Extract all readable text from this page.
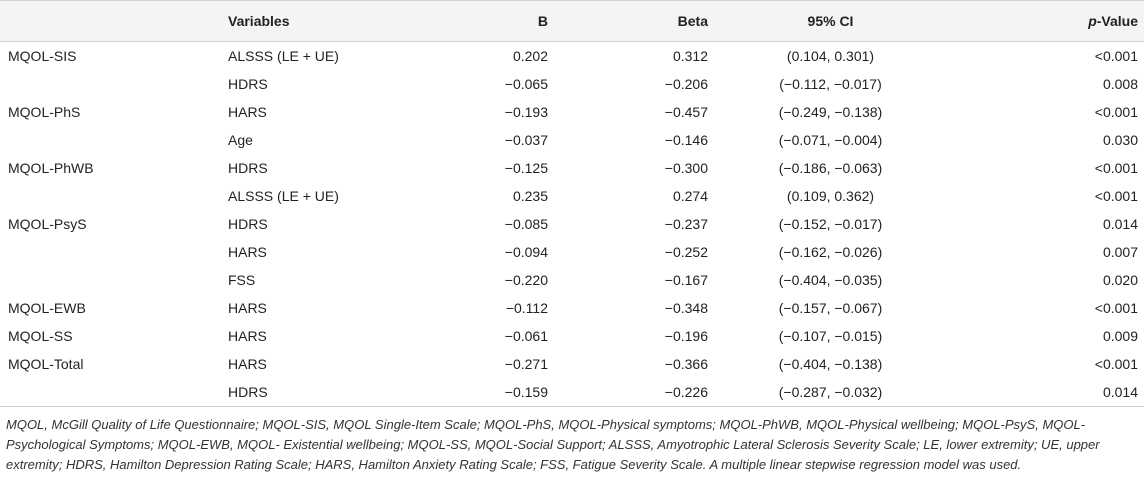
	Variables	B	Beta	95% CI	p-Value
MQOL-SIS	ALSSS (LE + UE)	0.202	0.312	(0.104, 0.301)	<0.001
	HDRS	−0.065	−0.206	(−0.112, −0.017)	0.008
MQOL-PhS	HARS	−0.193	−0.457	(−0.249, −0.138)	<0.001
	Age	−0.037	−0.146	(−0.071, −0.004)	0.030
MQOL-PhWB	HDRS	−0.125	−0.300	(−0.186, −0.063)	<0.001
	ALSSS (LE + UE)	0.235	0.274	(0.109, 0.362)	<0.001
MQOL-PsyS	HDRS	−0.085	−0.237	(−0.152, −0.017)	0.014
	HARS	−0.094	−0.252	(−0.162, −0.026)	0.007
	FSS	−0.220	−0.167	(−0.404, −0.035)	0.020
MQOL-EWB	HARS	−0.112	−0.348	(−0.157, −0.067)	<0.001
MQOL-SS	HARS	−0.061	−0.196	(−0.107, −0.015)	0.009
MQOL-Total	HARS	−0.271	−0.366	(−0.404, −0.138)	<0.001
	HDRS	−0.159	−0.226	(−0.287, −0.032)	0.014
MQOL, McGill Quality of Life Questionnaire; MQOL-SIS, MQOL Single-Item Scale; MQOL-PhS, MQOL-Physical symptoms; MQOL-PhWB, MQOL-Physical wellbeing; MQOL-PsyS, MQOL-Psychological Symptoms; MQOL-EWB, MQOL- Existential wellbeing; MQOL-SS, MQOL-Social Support; ALSSS, Amyotrophic Lateral Sclerosis Severity Scale; LE, lower extremity; UE, upper extremity; HDRS, Hamilton Depression Rating Scale; HARS, Hamilton Anxiety Rating Scale; FSS, Fatigue Severity Scale. A multiple linear stepwise regression model was used.
